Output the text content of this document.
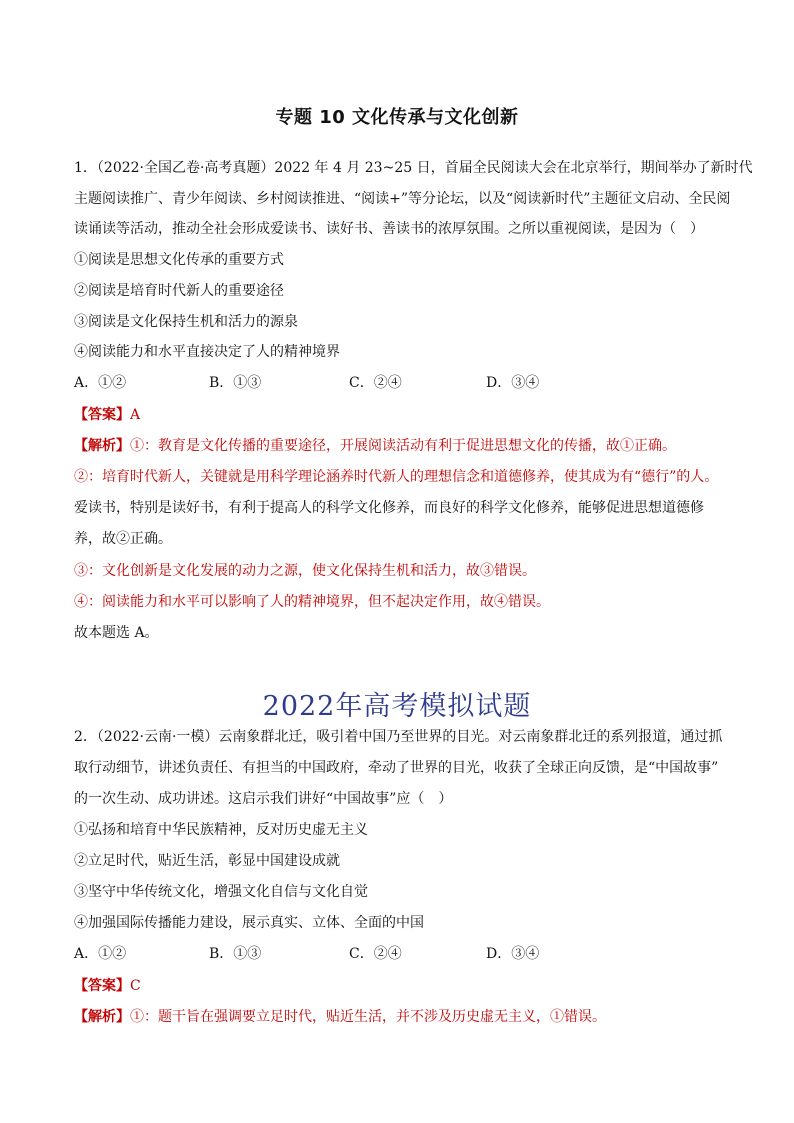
专题 10 文化传承与文化创新
1．（2022·全国乙卷·高考真题）2022 年 4 月 23~25 日，首届全民阅读大会在北京举行，期间举办了新时代
主题阅读推广、青少年阅读、乡村阅读推进、“阅读+”等分论坛，以及“阅读新时代”主题征文启动、全民阅
读诵读等活动，推动全社会形成爱读书、读好书、善读书的浓厚氛围。之所以重视阅读，是因为（　）
①阅读是思想文化传承的重要方式
②阅读是培育时代新人的重要途径
③阅读是文化保持生机和活力的源泉
④阅读能力和水平直接决定了人的精神境界
A．①②	B．①③	C．②④	D．③④
【答案】A
【解析】①：教育是文化传播的重要途径，开展阅读活动有利于促进思想文化的传播，故①正确。
②：培育时代新人，关键就是用科学理论涵养时代新人的理想信念和道德修养，使其成为有“德行”的人。
爱读书，特别是读好书，有利于提高人的科学文化修养，而良好的科学文化修养，能够促进思想道德修
养，故②正确。
③：文化创新是文化发展的动力之源，使文化保持生机和活力，故③错误。
④：阅读能力和水平可以影响了人的精神境界，但不起决定作用，故④错误。
故本题选 A。
2022年高考模拟试题
2．（2022·云南·一模）云南象群北迁，吸引着中国乃至世界的目光。对云南象群北迁的系列报道，通过抓
取行动细节，讲述负责任、有担当的中国政府，牵动了世界的目光，收获了全球正向反馈，是“中国故事”
的一次生动、成功讲述。这启示我们讲好“中国故事”应（　）
①弘扬和培育中华民族精神，反对历史虚无主义
②立足时代，贴近生活，彰显中国建设成就
③坚守中华传统文化，增强文化自信与文化自觉
④加强国际传播能力建设，展示真实、立体、全面的中国
A．①②	B．①③	C．②④	D．③④
【答案】C
【解析】①：题干旨在强调要立足时代，贴近生活，并不涉及历史虚无主义，①错误。
